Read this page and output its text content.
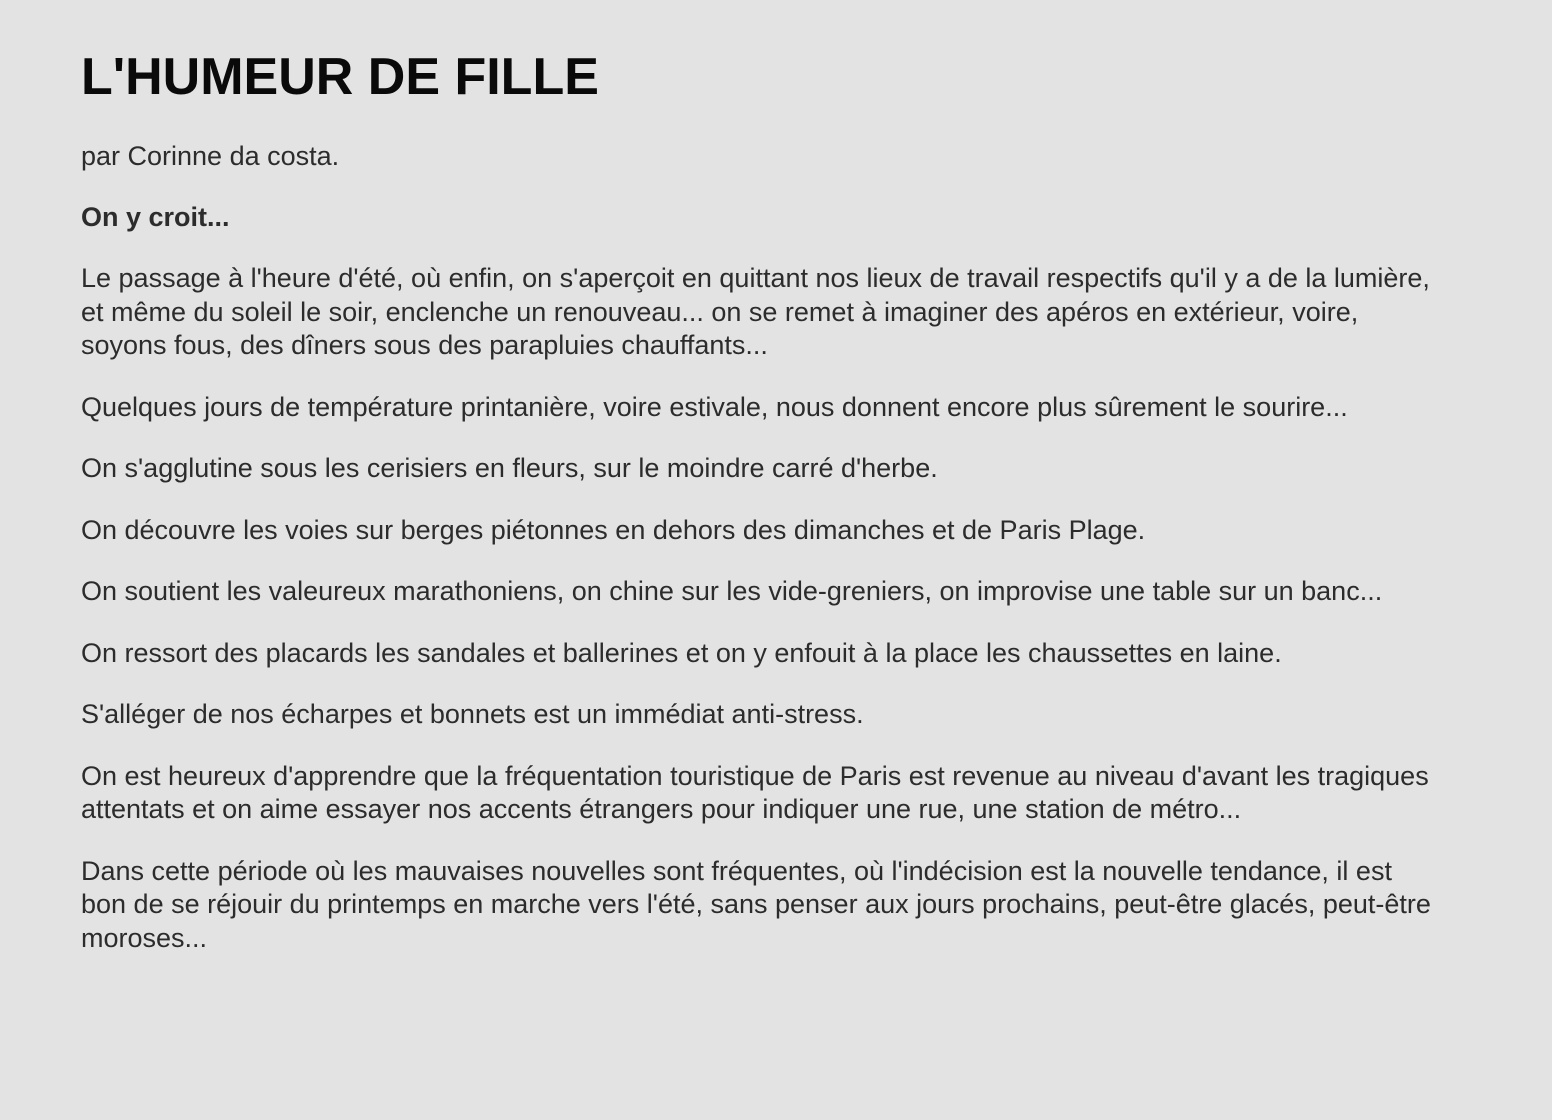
L'HUMEUR DE FILLE

par Corinne da costa.

On y croit...

Le passage à l'heure d'été, où enfin, on s'aperçoit en quittant nos lieux de travail respectifs qu'il y a de la lumière, et même du soleil le soir, enclenche un renouveau... on se remet à imaginer des apéros en extérieur, voire, soyons fous, des dîners sous des parapluies chauffants...

Quelques jours de température printanière, voire estivale, nous donnent encore plus sûrement le sourire...

On s'agglutine sous les cerisiers en fleurs, sur le moindre carré d'herbe.

On découvre les voies sur berges piétonnes en dehors des dimanches et de Paris Plage.

On soutient les valeureux marathoniens, on chine sur les vide-greniers, on improvise une table sur un banc...

On ressort des placards les sandales et ballerines et on y enfouit à la place les chaussettes en laine.

S'alléger de nos écharpes et bonnets est un immédiat anti-stress.

On est heureux d'apprendre que la fréquentation touristique de Paris est revenue au niveau d'avant les tragiques attentats et on aime essayer nos accents étrangers pour indiquer une rue, une station de métro...

Dans cette période où les mauvaises nouvelles sont fréquentes, où l'indécision est la nouvelle tendance, il est bon de se réjouir du printemps en marche vers l'été, sans penser aux jours prochains, peut-être glacés, peut-être moroses...
